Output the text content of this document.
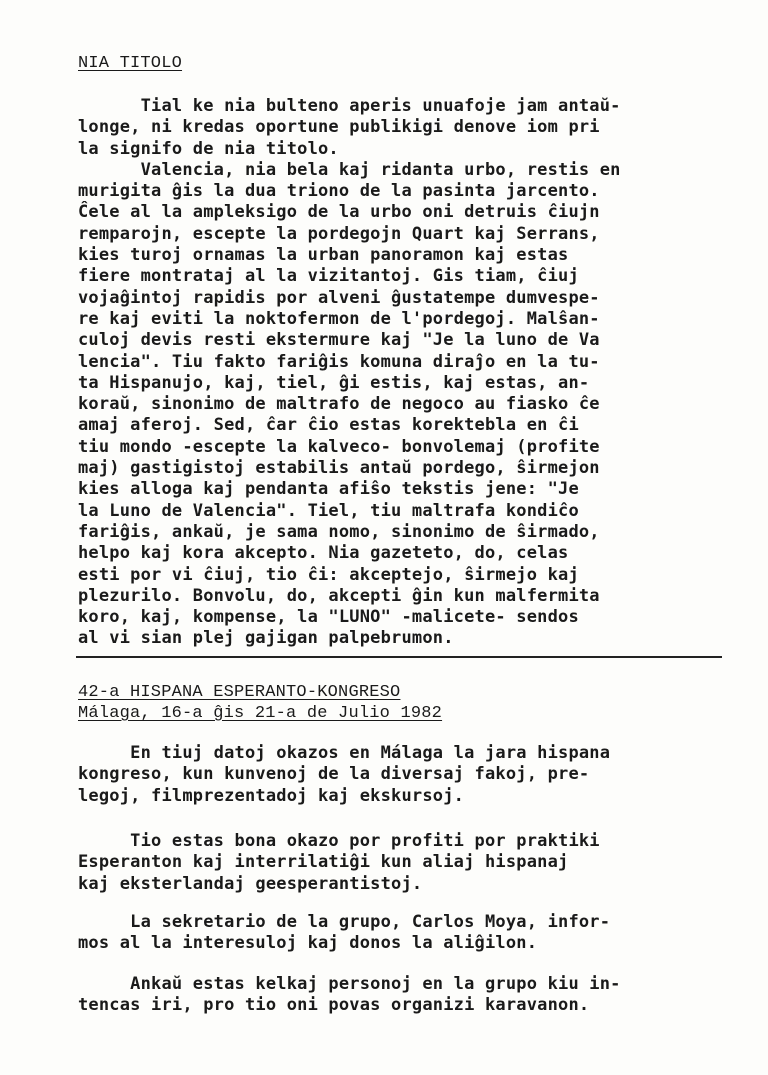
NIA TITOLO
Tial ke nia bulteno aperis unuafoje jam antaŭ-
longe, ni kredas oportune publikigi denove iom pri
la signifo de nia titolo.
Valencia, nia bela kaj ridanta urbo, restis en
murigita ĝis la dua triono de la pasinta jarcento.
Ĉele al la ampleksigo de la urbo oni detruis ĉiujn
remparojn, escepte la pordegojn Quart kaj Serrans,
kies turoj ornamas la urban panoramon kaj estas
fiere montrataj al la vizitantoj. Gis tiam, ĉiuj
vojaĝintoj rapidis por alveni ĝustatempe dumvespe-
re kaj eviti la noktofermon de l'pordegoj. Malŝan-
culoj devis resti ekstermure kaj "Je la luno de Va
lencia". Tiu fakto fariĝis komuna diraĵo en la tu-
ta Hispanujo, kaj, tiel, ĝi estis, kaj estas, an-
koraŭ, sinonimo de maltrafo de negoco au fiasko ĉe
amaj aferoj. Sed, ĉar ĉio estas korektebla en ĉi
tiu mondo -escepte la kalveco- bonvolemaj (profite
maj) gastigistoj estabilis antaŭ pordego, ŝirmejon
kies alloga kaj pendanta afiŝo tekstis jene: "Je
la Luno de Valencia". Tiel, tiu maltrafa kondiĉo
fariĝis, ankaŭ, je sama nomo, sinonimo de ŝirmado,
helpo kaj kora akcepto. Nia gazeteto, do, celas
esti por vi ĉiuj, tio ĉi: akceptejo, ŝirmejo kaj
plezurilo. Bonvolu, do, akcepti ĝin kun malfermita
koro, kaj, kompense, la "LUNO" -malicete- sendos
al vi sian plej gajigan palpebrumon.
42-a HISPANA ESPERANTO-KONGRESO
Málaga, 16-a ĝis 21-a de Julio 1982
En tiuj datoj okazos en Málaga la jara hispana
kongreso, kun kunvenoj de la diversaj fakoj, pre-
legoj, filmprezentadoj kaj ekskursoj.
Tio estas bona okazo por profiti por praktiki
Esperanton kaj interrilatiĝi kun aliaj hispanaj
kaj eksterlandaj geesperantistoj.
La sekretario de la grupo, Carlos Moya, infor-
mos al la interesuloj kaj donos la aliĝilon.
Ankaŭ estas kelkaj personoj en la grupo kiu in-
tencas iri, pro tio oni povas organizi karavanon.
